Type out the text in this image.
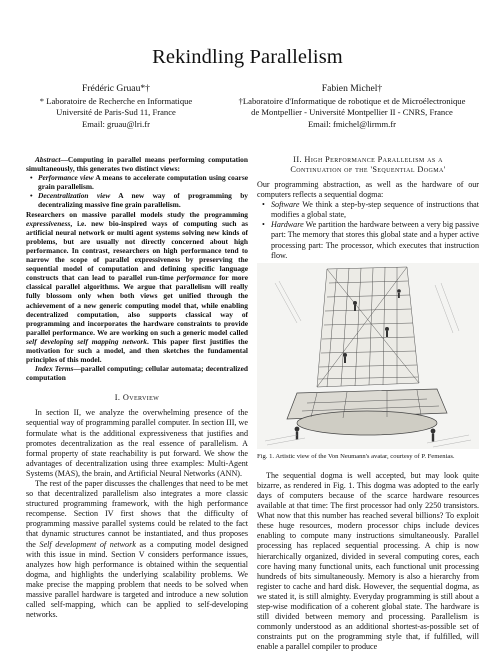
Rekindling Parallelism
Frédéric Gruau*†
* Laboratoire de Recherche en Informatique
Université de Paris-Sud 11, France
Email: gruau@lri.fr
Fabien Michel†
†Laboratoire d'Informatique de robotique et de Microélectronique
de Montpellier - Université Montpellier II - CNRS, France
Email: fmichel@lirmm.fr
Abstract—Computing in parallel means performing computation simultaneously, this generates two distinct views:
• Performance view A means to accelerate computation using coarse grain parallelism.
• Decentralization view A new way of programming by decentralizing massive fine grain parallelism.

Researchers on massive parallel models study the programming expressiveness, i.e. new bio-inspired ways of computing such as artificial neural network or multi agent systems solving new kinds of problems, but are usually not directly concerned about high performance. In contrast, researchers on high performance tend to narrow the scope of parallel expressiveness by preserving the sequential model of computation and defining specific language constructs that can lead to parallel run-time performance for more classical parallel algorithms. We argue that parallelism will really fully blossom only when both views get unified through the achievement of a new generic computing model that, while enabling decentralized computation, also supports classical way of programming and incorporates the hardware constraints to provide parallel performance. We are working on such a generic model called self developing self mapping network. This paper first justifies the motivation for such a model, and then sketches the fundamental principles of this model.

Index Terms—parallel computing; cellular automata; decentralized computation

I. Overview

In section II, we analyze the overwhelming presence of the sequential way of programming parallel computer. In section III, we formulate what is the additional expressiveness that justifies and promotes decentralization as the real essence of parallelism. A formal property of state reachability is put forward. We show the advantages of decentralization using three examples: Multi-Agent Systems (MAS), the brain, and Artificial Neural Networks (ANN).

The rest of the paper discusses the challenges that need to be met so that decentralized parallelism also integrates a more classic structured programming framework, with the high performance recompense. Section IV first shows that the difficulty of programming massive parallel systems could be related to the fact that dynamic structures cannot be instantiated, and thus proposes the Self development of network as a computing model designed with this issue in mind. Section V considers performance issues, analyzes how high performance is obtained within the sequential dogma, and highlights the underlying scalability problems. We make precise the mapping problem that needs to be solved when massive parallel hardware is targeted and introduce a new solution called self-mapping, which can be applied to self-developing networks.

II. High Performance Parallelism as a
Continuation of the 'Sequential Dogma'

Our programming abstraction, as well as the hardware of our computers reflects a sequential dogma:

• Software We think a step-by-step sequence of instructions that modifies a global state,
• Hardware We partition the hardware between a very big passive part: The memory that stores this global state and a hyper active processing part: The processor, which executes that instruction flow.
Fig. 1. Artistic view of the Von Neumann's avatar, courtesy of P. Femenias.

The sequential dogma is well accepted, but may look quite bizarre, as rendered in Fig. 1. This dogma was adopted to the early days of computers because of the scarce hardware resources available at that time: The first processor had only 2250 transistors. What now that this number has reached several billions? To exploit these huge resources, modern processor chips include devices enabling to compute many instructions simultaneously. Parallel processing has replaced sequential processing. A chip is now hierarchically organized, divided in several computing cores, each core having many functional units, each functional unit processing hundreds of bits simultaneously. Memory is also a hierarchy from register to cache and hard disk. However, the sequential dogma, as we stated it, is still almighty. Everyday programming is still about a step-wise modification of a coherent global state. The hardware is still divided between memory and processing. Parallelism is commonly understood as an additional shortest-as-possible set of constraints put on the programming style that, if fulfilled, will enable a parallel compiler to produce
